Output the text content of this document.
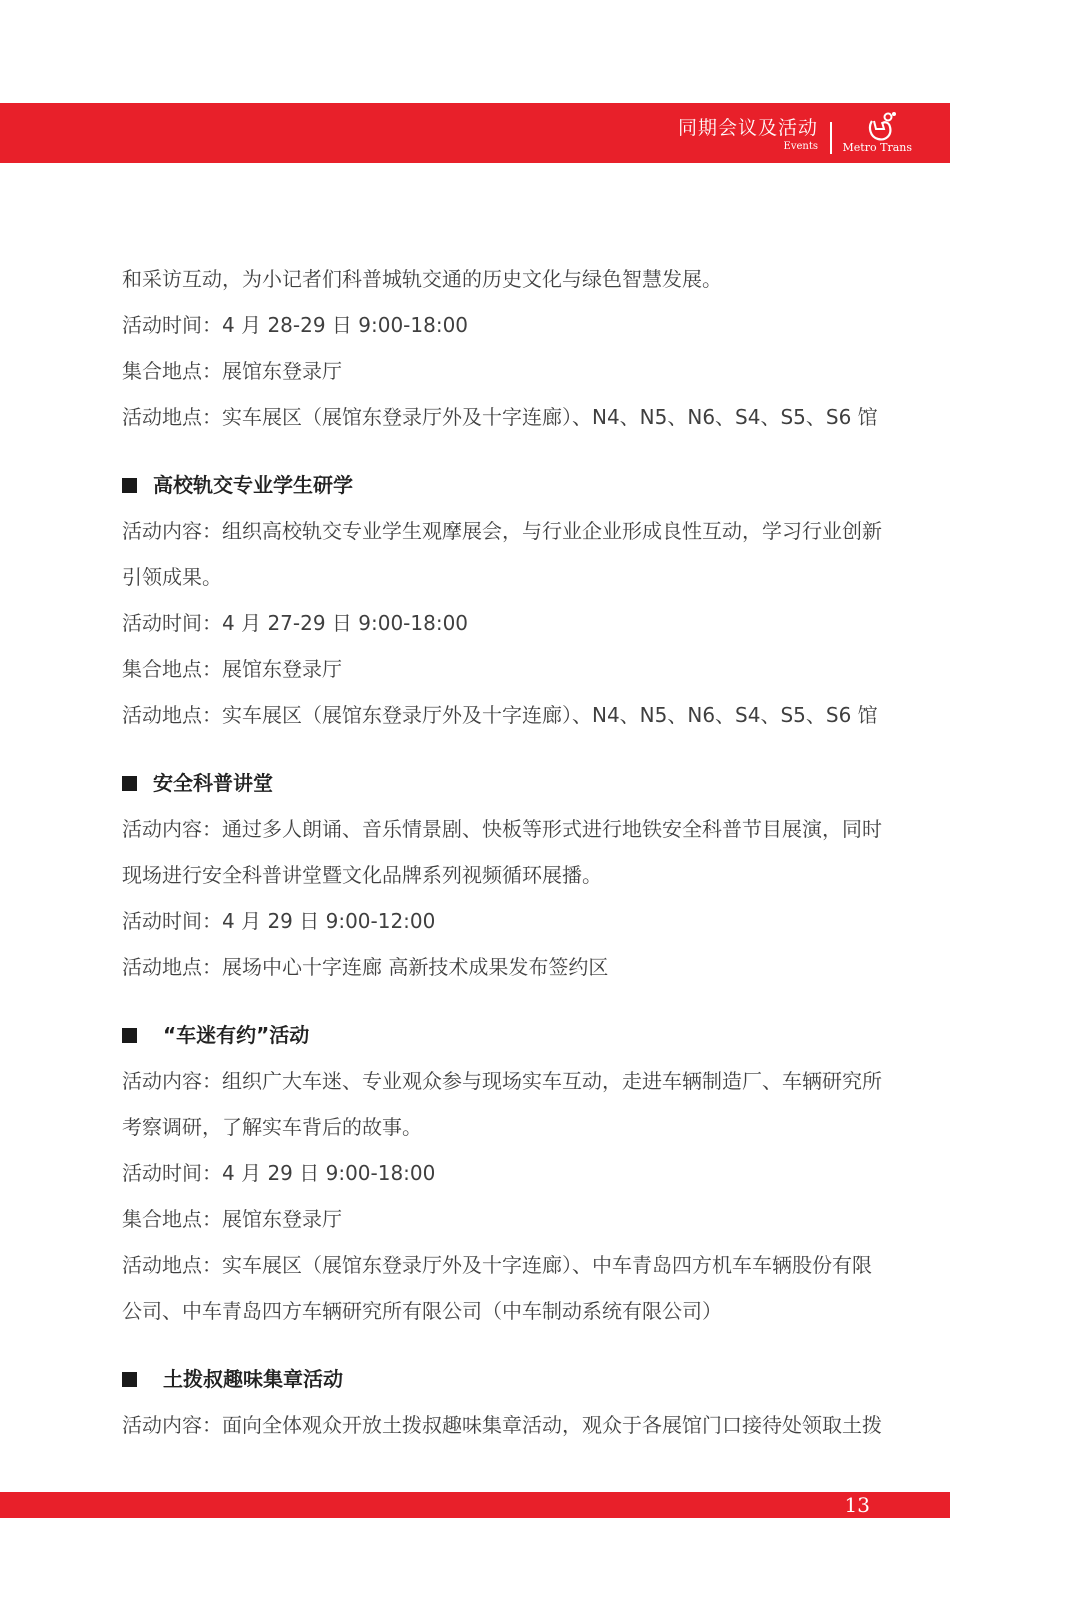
同期会议及活动
Events Metro Trans
和采访互动，为小记者们科普城轨交通的历史文化与绿色智慧发展。
活动时间：4 月 28-29 日 9:00-18:00
集合地点：展馆东登录厅
活动地点：实车展区（展馆东登录厅外及十字连廊）、N4、N5、N6、S4、S5、S6 馆
高校轨交专业学生研学
活动内容：组织高校轨交专业学生观摩展会，与行业企业形成良性互动，学习行业创新
引领成果。
活动时间：4 月 27-29 日 9:00-18:00
集合地点：展馆东登录厅
活动地点：实车展区（展馆东登录厅外及十字连廊）、N4、N5、N6、S4、S5、S6 馆
安全科普讲堂
活动内容：通过多人朗诵、音乐情景剧、快板等形式进行地铁安全科普节目展演，同时
现场进行安全科普讲堂暨文化品牌系列视频循环展播。
活动时间：4 月 29 日 9:00-12:00
活动地点：展场中心十字连廊 高新技术成果发布签约区
“车迷有约”活动
活动内容：组织广大车迷、专业观众参与现场实车互动，走进车辆制造厂、车辆研究所
考察调研，了解实车背后的故事。
活动时间：4 月 29 日 9:00-18:00
集合地点：展馆东登录厅
活动地点：实车展区（展馆东登录厅外及十字连廊）、中车青岛四方机车车辆股份有限
公司、中车青岛四方车辆研究所有限公司（中车制动系统有限公司）
土拨叔趣味集章活动
活动内容：面向全体观众开放土拨叔趣味集章活动，观众于各展馆门口接待处领取土拨
13
